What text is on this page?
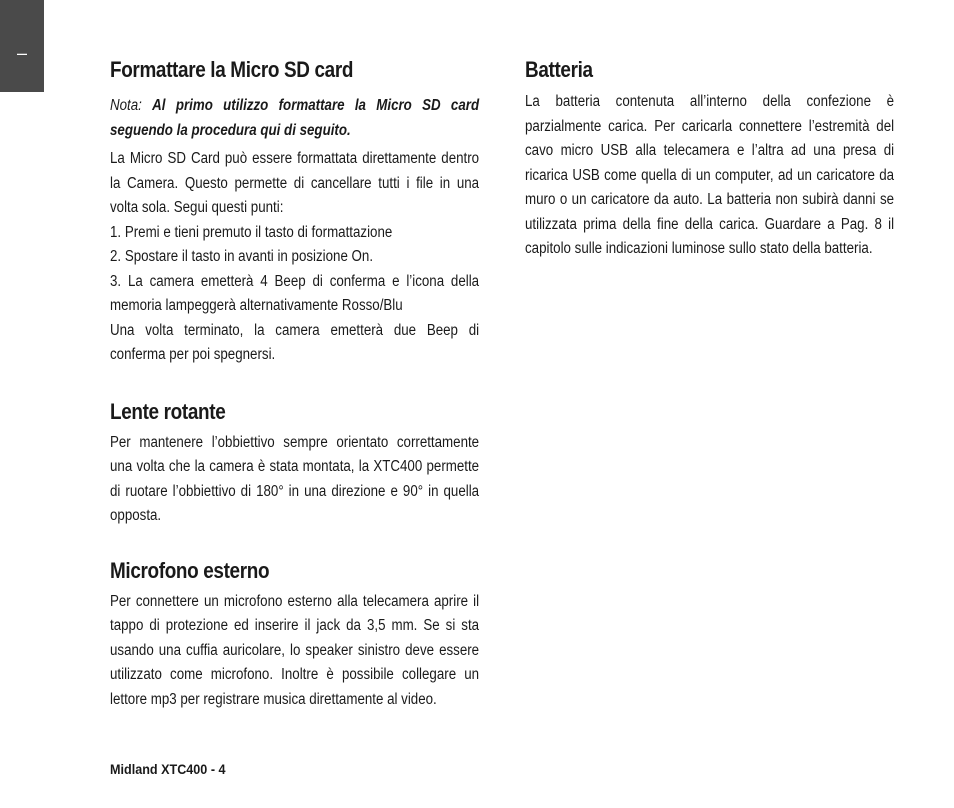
–
Formattare la Micro SD card

Nota: Al primo utilizzo formattare la Micro SD card seguendo la procedura qui di seguito.

La Micro SD Card può essere formattata direttamente dentro la Camera. Questo permette di cancellare tutti i file in una volta sola. Segui questi punti:

1. Premi e tieni premuto il tasto di formattazione

2. Spostare il tasto in avanti in posizione On.

3. La camera emetterà 4 Beep di conferma e l’icona della memoria lampeggerà alternativamente Rosso/Blu

Una volta terminato, la camera emetterà due Beep di conferma per poi spegnersi.

Lente rotante

Per mantenere l’obbiettivo sempre orientato correttamente una volta che la camera è stata montata, la XTC400 permette di ruotare l’obbiettivo di 180° in una direzione e 90° in quella opposta.

Microfono esterno

Per connettere un microfono esterno alla telecamera aprire il tappo di protezione ed inserire il jack da 3,5 mm. Se si sta usando una cuffia auricolare, lo speaker sinistro deve essere utilizzato come microfono. Inoltre è possibile collegare un lettore mp3 per registrare musica direttamente al video.

Batteria

La batteria contenuta all’interno della confezione è parzialmente carica. Per caricarla connettere l’estremità del cavo micro USB alla telecamera e l’altra ad una presa di ricarica USB come quella di un computer, ad un caricatore da muro o un caricatore da auto. La batteria non subirà danni se utilizzata prima della fine della carica. Guardare a Pag. 8 il capitolo sulle indicazioni luminose sullo stato della batteria.

Midland XTC400 - 4
